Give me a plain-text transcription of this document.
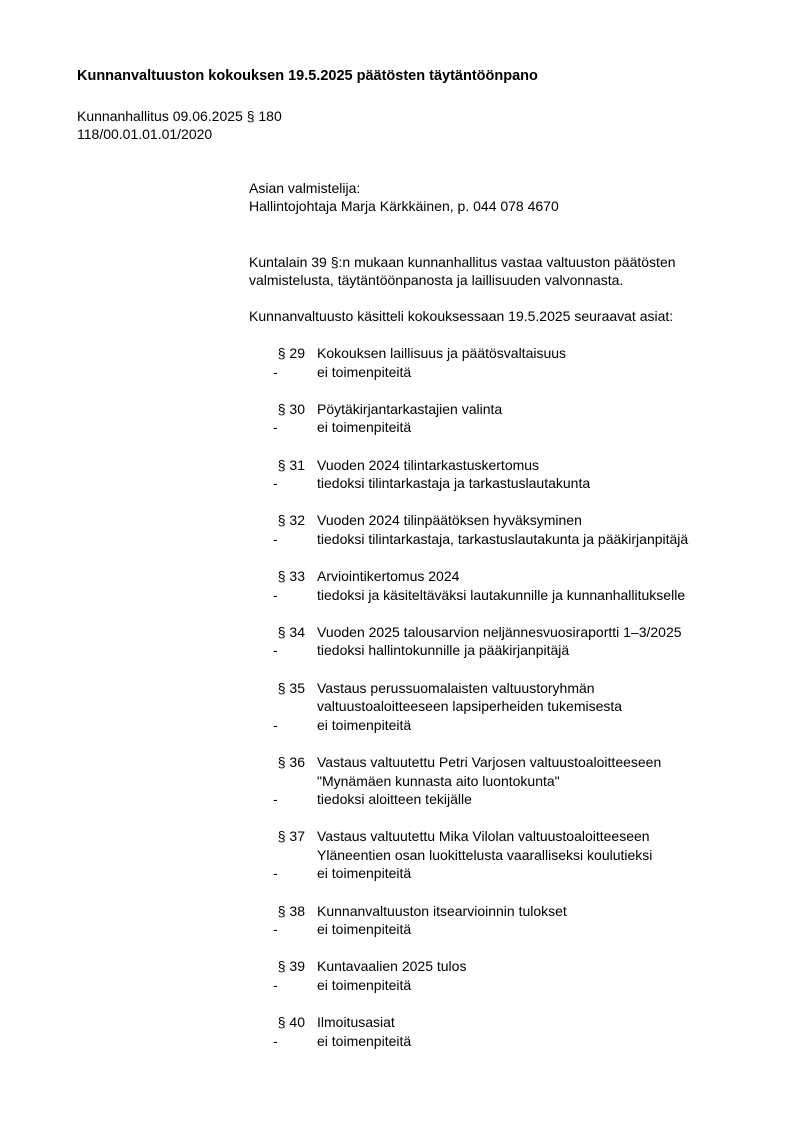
Kunnanvaltuuston kokouksen 19.5.2025 päätösten täytäntöönpano
Kunnanhallitus 09.06.2025 § 180
118/00.01.01.01/2020
Asian valmistelija:
Hallintojohtaja Marja Kärkkäinen, p. 044 078 4670
Kuntalain 39 §:n mukaan kunnanhallitus vastaa valtuuston päätösten
valmistelusta, täytäntöönpanosta ja laillisuuden valvonnasta.
Kunnanvaltuusto käsitteli kokouksessaan 19.5.2025 seuraavat asiat:
§ 29 Kokouksen laillisuus ja päätösvaltaisuus
-	ei toimenpiteitä
§ 30 Pöytäkirjantarkastajien valinta
-	ei toimenpiteitä
§ 31 Vuoden 2024 tilintarkastuskertomus
-	tiedoksi tilintarkastaja ja tarkastuslautakunta
§ 32 Vuoden 2024 tilinpäätöksen hyväksyminen
-	tiedoksi tilintarkastaja, tarkastuslautakunta ja pääkirjanpitäjä
§ 33 Arviointikertomus 2024
-	tiedoksi ja käsiteltäväksi lautakunnille ja kunnanhallitukselle
§ 34 Vuoden 2025 talousarvion neljännesvuosiraportti 1–3/2025
-	tiedoksi hallintokunnille ja pääkirjanpitäjä
§ 35 Vastaus perussuomalaisten valtuustoryhmän
valtuustoaloitteeseen lapsiperheiden tukemisesta
-	ei toimenpiteitä
§ 36 Vastaus valtuutettu Petri Varjosen valtuustoaloitteeseen
"Mynämäen kunnasta aito luontokunta"
-	tiedoksi aloitteen tekijälle
§ 37 Vastaus valtuutettu Mika Vilolan valtuustoaloitteeseen
Yläneentien osan luokittelusta vaaralliseksi koulutieksi
-	ei toimenpiteitä
§ 38 Kunnanvaltuuston itsearvioinnin tulokset
-	ei toimenpiteitä
§ 39 Kuntavaalien 2025 tulos
-	ei toimenpiteitä
§ 40 Ilmoitusasiat
-	ei toimenpiteitä
